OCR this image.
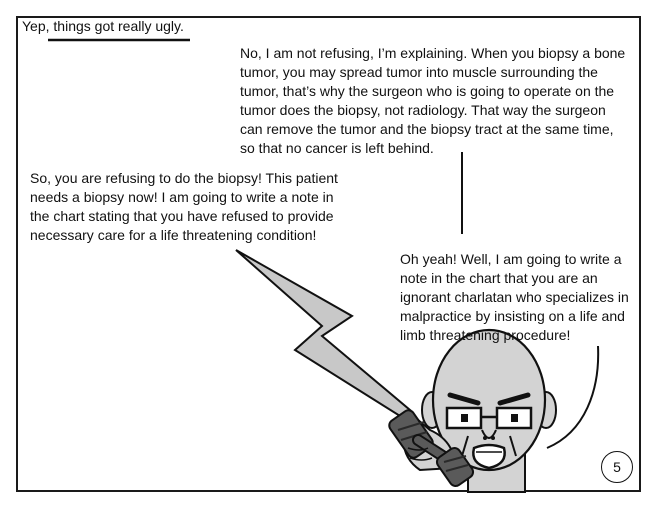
Yep, things got really ugly.
No, I am not refusing, I’m explaining. When you biopsy a bone tumor, you may spread tumor into muscle surrounding the tumor, that’s why the surgeon who is going to operate on the tumor does the biopsy, not radiology. That way the surgeon can remove the tumor and the biopsy tract at the same time, so that no cancer is left behind.
So, you are refusing to do the biopsy! This patient needs a biopsy now! I am going to write a note in the chart stating that you have refused to provide necessary care for a life threatening condition!
Oh yeah! Well, I am going to write a note in the chart that you are an ignorant charlatan who specializes in malpractice by insisting on a life and limb threatening procedure!
5
